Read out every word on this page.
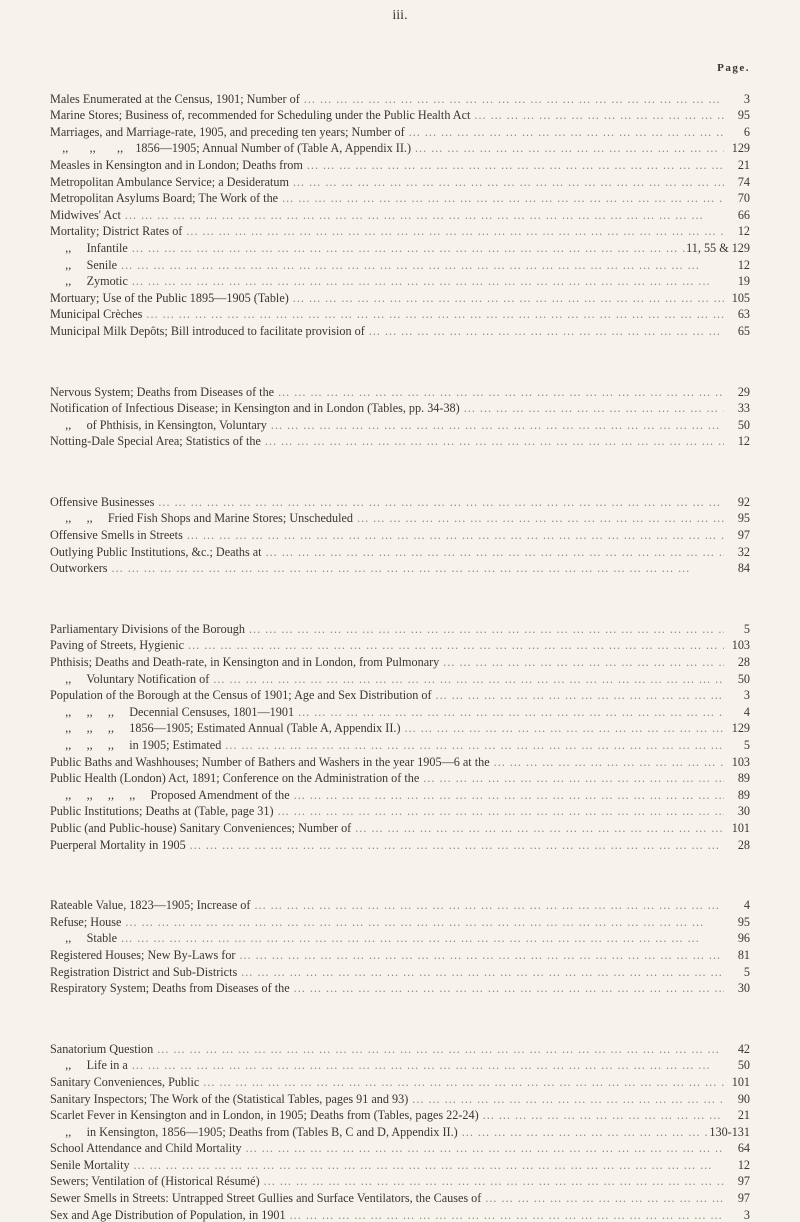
iii.
Page.
Males Enumerated at the Census, 1901; Number of ... .	3
Marine Stores; Business of, recommended for Scheduling under the Public Health Act ... .	95
Marriages, and Marriage-rate, 1905, and preceding ten years; Number of ... .	6
,,       ,,       ,,    1856—1905; Annual Number of (Table A, Appendix II.) ... .	129
Measles in Kensington and in London; Deaths from ... .	21
Metropolitan Ambulance Service; a Desideratum ... .	74
Metropolitan Asylums Board; The Work of the ... .	70
Midwives' Act ... .	66
Mortality; District Rates of ... .	12
,,     Infantile ... .	11, 55 & 129
,,     Senile ... .	12
,,     Zymotic ... .	19
Mortuary; Use of the Public 1895—1905 (Table) ... .	105
Municipal Crèches ... .	63
Municipal Milk Depôts; Bill introduced to facilitate provision of ... .	65
Nervous System; Deaths from Diseases of the ... .	29
Notification of Infectious Disease; in Kensington and in London (Tables, pp. 34-38) ... .	33
,,     of Phthisis, in Kensington, Voluntary ... .	50
Notting-Dale Special Area; Statistics of the ... .	12
Offensive Businesses ... .	92
,,     ,,     Fried Fish Shops and Marine Stores; Unscheduled ... .	95
Offensive Smells in Streets ... .	97
Outlying Public Institutions, &c.; Deaths at ... .	32
Outworkers ... .	84
Parliamentary Divisions of the Borough ... .	5
Paving of Streets, Hygienic ... .	103
Phthisis; Deaths and Death-rate, in Kensington and in London, from Pulmonary ... .	28
,,     Voluntary Notification of ... .	50
Population of the Borough at the Census of 1901; Age and Sex Distribution of ... .	3
,,     ,,     ,,     Decennial Censuses, 1801—1901 ... .	4
,,     ,,     ,,     1856—1905; Estimated Annual (Table A, Appendix II.) ... .	129
,,     ,,     ,,     in 1905; Estimated ... .	5
Public Baths and Washhouses; Number of Bathers and Washers in the year 1905—6 at the ... .	103
Public Health (London) Act, 1891; Conference on the Administration of the ... .	89
,,     ,,     ,,     ,,     Proposed Amendment of the ... .	89
Public Institutions; Deaths at (Table, page 31) ... .	30
Public (and Public-house) Sanitary Conveniences; Number of ... .	101
Puerperal Mortality in 1905 ... .	28
Rateable Value, 1823—1905; Increase of ... .	4
Refuse; House ... .	95
,,     Stable ... .	96
Registered Houses; New By-Laws for ... .	81
Registration District and Sub-Districts ... .	5
Respiratory System; Deaths from Diseases of the ... .	30
Sanatorium Question ... .	42
,,     Life in a ... .	50
Sanitary Conveniences, Public ... .	101
Sanitary Inspectors; The Work of the (Statistical Tables, pages 91 and 93) ... .	90
Scarlet Fever in Kensington and in London, in 1905; Deaths from (Tables, pages 22-24) ... .	21
,,     in Kensington, 1856—1905; Deaths from (Tables B, C and D, Appendix II.) ... .	130-131
School Attendance and Child Mortality ... .	64
Senile Mortality ... .	12
Sewers; Ventilation of (Historical Résumé) ... .	97
Sewer Smells in Streets: Untrapped Street Gullies and Surface Ventilators, the Causes of ... .	97
Sex and Age Distribution of Population, in 1901 ... .	3
